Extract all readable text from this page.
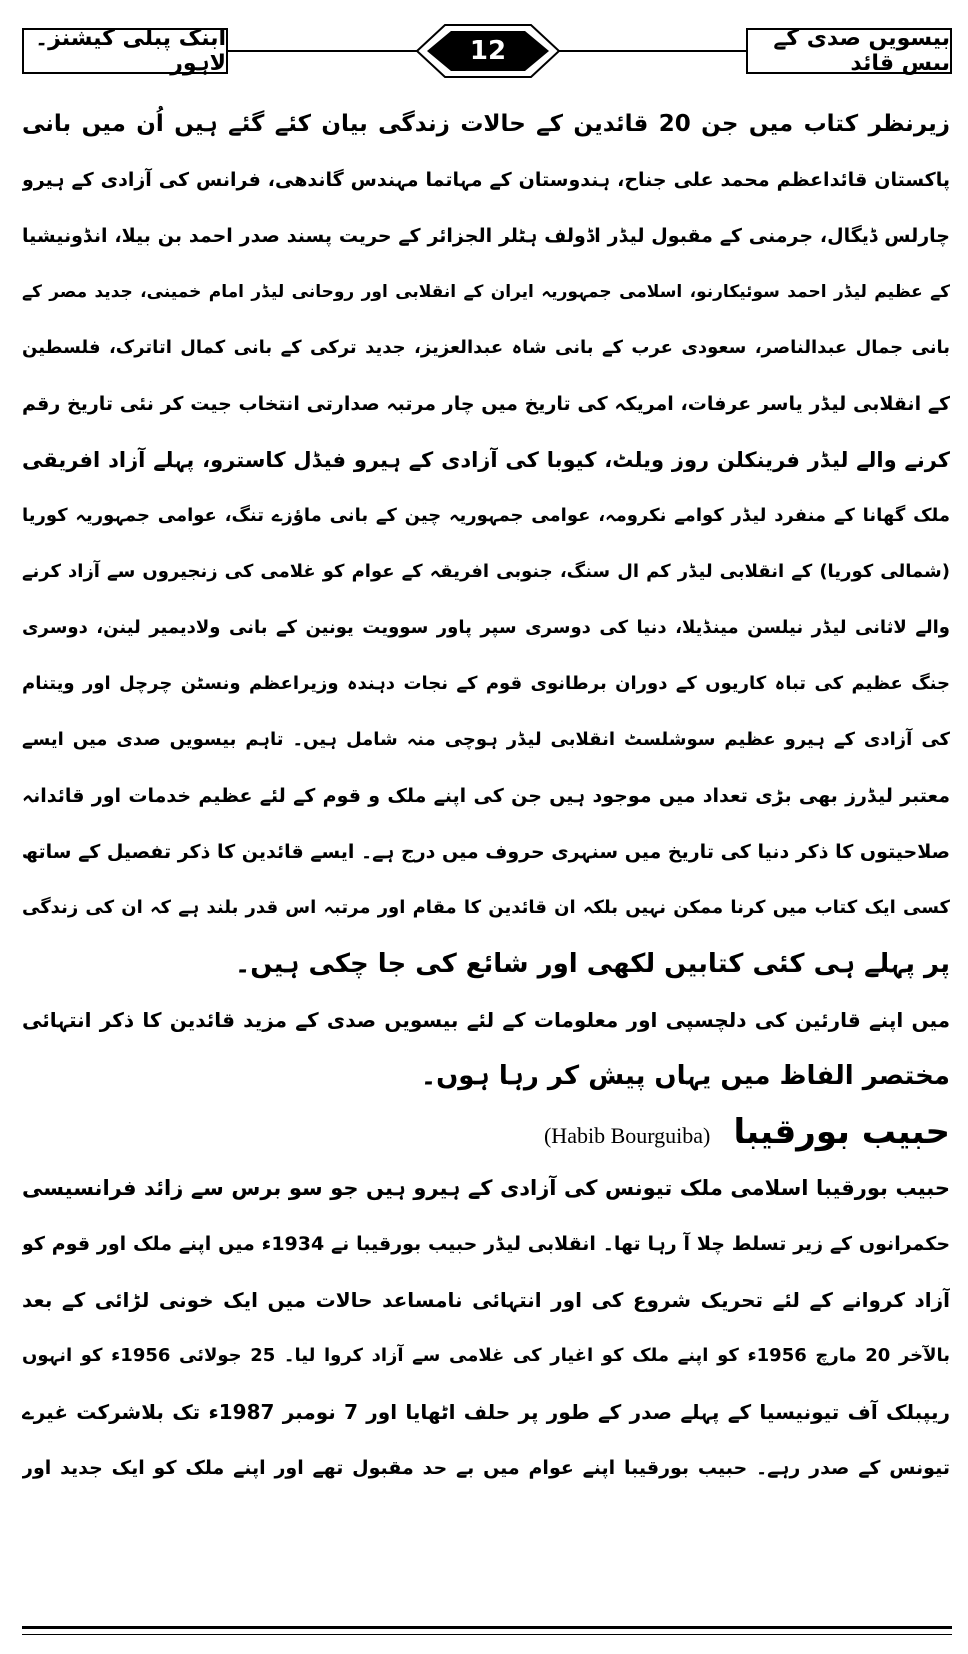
بیسویں صدی کے بیس قائد
12
ابنک پبلی کیشنز۔لاہور
زیرنظر کتاب میں جن 20 قائدین کے حالات زندگی بیان کئے گئے ہیں اُن میں بانی
پاکستان قائداعظم محمد علی جناح، ہندوستان کے مہاتما مہندس گاندھی، فرانس کی آزادی کے ہیرو
چارلس ڈیگال، جرمنی کے مقبول لیڈر اڈولف ہٹلر الجزائر کے حریت پسند صدر احمد بن بیلا، انڈونیشیا
کے عظیم لیڈر احمد سوئیکارنو، اسلامی جمہوریہ ایران کے انقلابی اور روحانی لیڈر امام خمینی، جدید مصر کے
بانی جمال عبدالناصر، سعودی عرب کے بانی شاہ عبدالعزیز، جدید ترکی کے بانی کمال اتاترک، فلسطین
کے انقلابی لیڈر یاسر عرفات، امریکہ کی تاریخ میں چار مرتبہ صدارتی انتخاب جیت کر نئی تاریخ رقم
کرنے والے لیڈر فرینکلن روز ویلٹ، کیوبا کی آزادی کے ہیرو فیڈل کاسترو، پہلے آزاد افریقی
ملک گھانا کے منفرد لیڈر کوامے نکرومہ، عوامی جمہوریہ چین کے بانی ماؤزے تنگ، عوامی جمہوریہ کوریا
(شمالی کوریا) کے انقلابی لیڈر کم ال سنگ، جنوبی افریقہ کے عوام کو غلامی کی زنجیروں سے آزاد کرنے
والے لاثانی لیڈر نیلسن مینڈیلا، دنیا کی دوسری سپر پاور سوویت یونین کے بانی ولادیمیر لینن، دوسری
جنگ عظیم کی تباہ کاریوں کے دوران برطانوی قوم کے نجات دہندہ وزیراعظم ونسٹن چرچل اور ویتنام
کی آزادی کے ہیرو عظیم سوشلسٹ انقلابی لیڈر ہوچی منہ شامل ہیں۔ تاہم بیسویں صدی میں ایسے
معتبر لیڈرز بھی بڑی تعداد میں موجود ہیں جن کی اپنے ملک و قوم کے لئے عظیم خدمات اور قائدانہ
صلاحیتوں کا ذکر دنیا کی تاریخ میں سنہری حروف میں درج ہے۔ ایسے قائدین کا ذکر تفصیل کے ساتھ
کسی ایک کتاب میں کرنا ممکن نہیں بلکہ ان قائدین کا مقام اور مرتبہ اس قدر بلند ہے کہ ان کی زندگی
پر پہلے ہی کئی کتابیں لکھی اور شائع کی جا چکی ہیں۔
میں اپنے قارئین کی دلچسپی اور معلومات کے لئے بیسویں صدی کے مزید قائدین کا ذکر انتہائی
مختصر الفاظ میں یہاں پیش کر رہا ہوں۔
حبیب بورقیبا (Habib Bourguiba)
حبیب بورقیبا اسلامی ملک تیونس کی آزادی کے ہیرو ہیں جو سو برس سے زائد فرانسیسی
حکمرانوں کے زیر تسلط چلا آ رہا تھا۔ انقلابی لیڈر حبیب بورقیبا نے 1934ء میں اپنے ملک اور قوم کو
آزاد کروانے کے لئے تحریک شروع کی اور انتہائی نامساعد حالات میں ایک خونی لڑائی کے بعد
بالآخر 20 مارچ 1956ء کو اپنے ملک کو اغیار کی غلامی سے آزاد کروا لیا۔ 25 جولائی 1956ء کو انہوں
ریپبلک آف تیونیسیا کے پہلے صدر کے طور پر حلف اٹھایا اور 7 نومبر 1987ء تک بلاشرکت غیرے
تیونس کے صدر رہے۔ حبیب بورقیبا اپنے عوام میں بے حد مقبول تھے اور اپنے ملک کو ایک جدید اور
